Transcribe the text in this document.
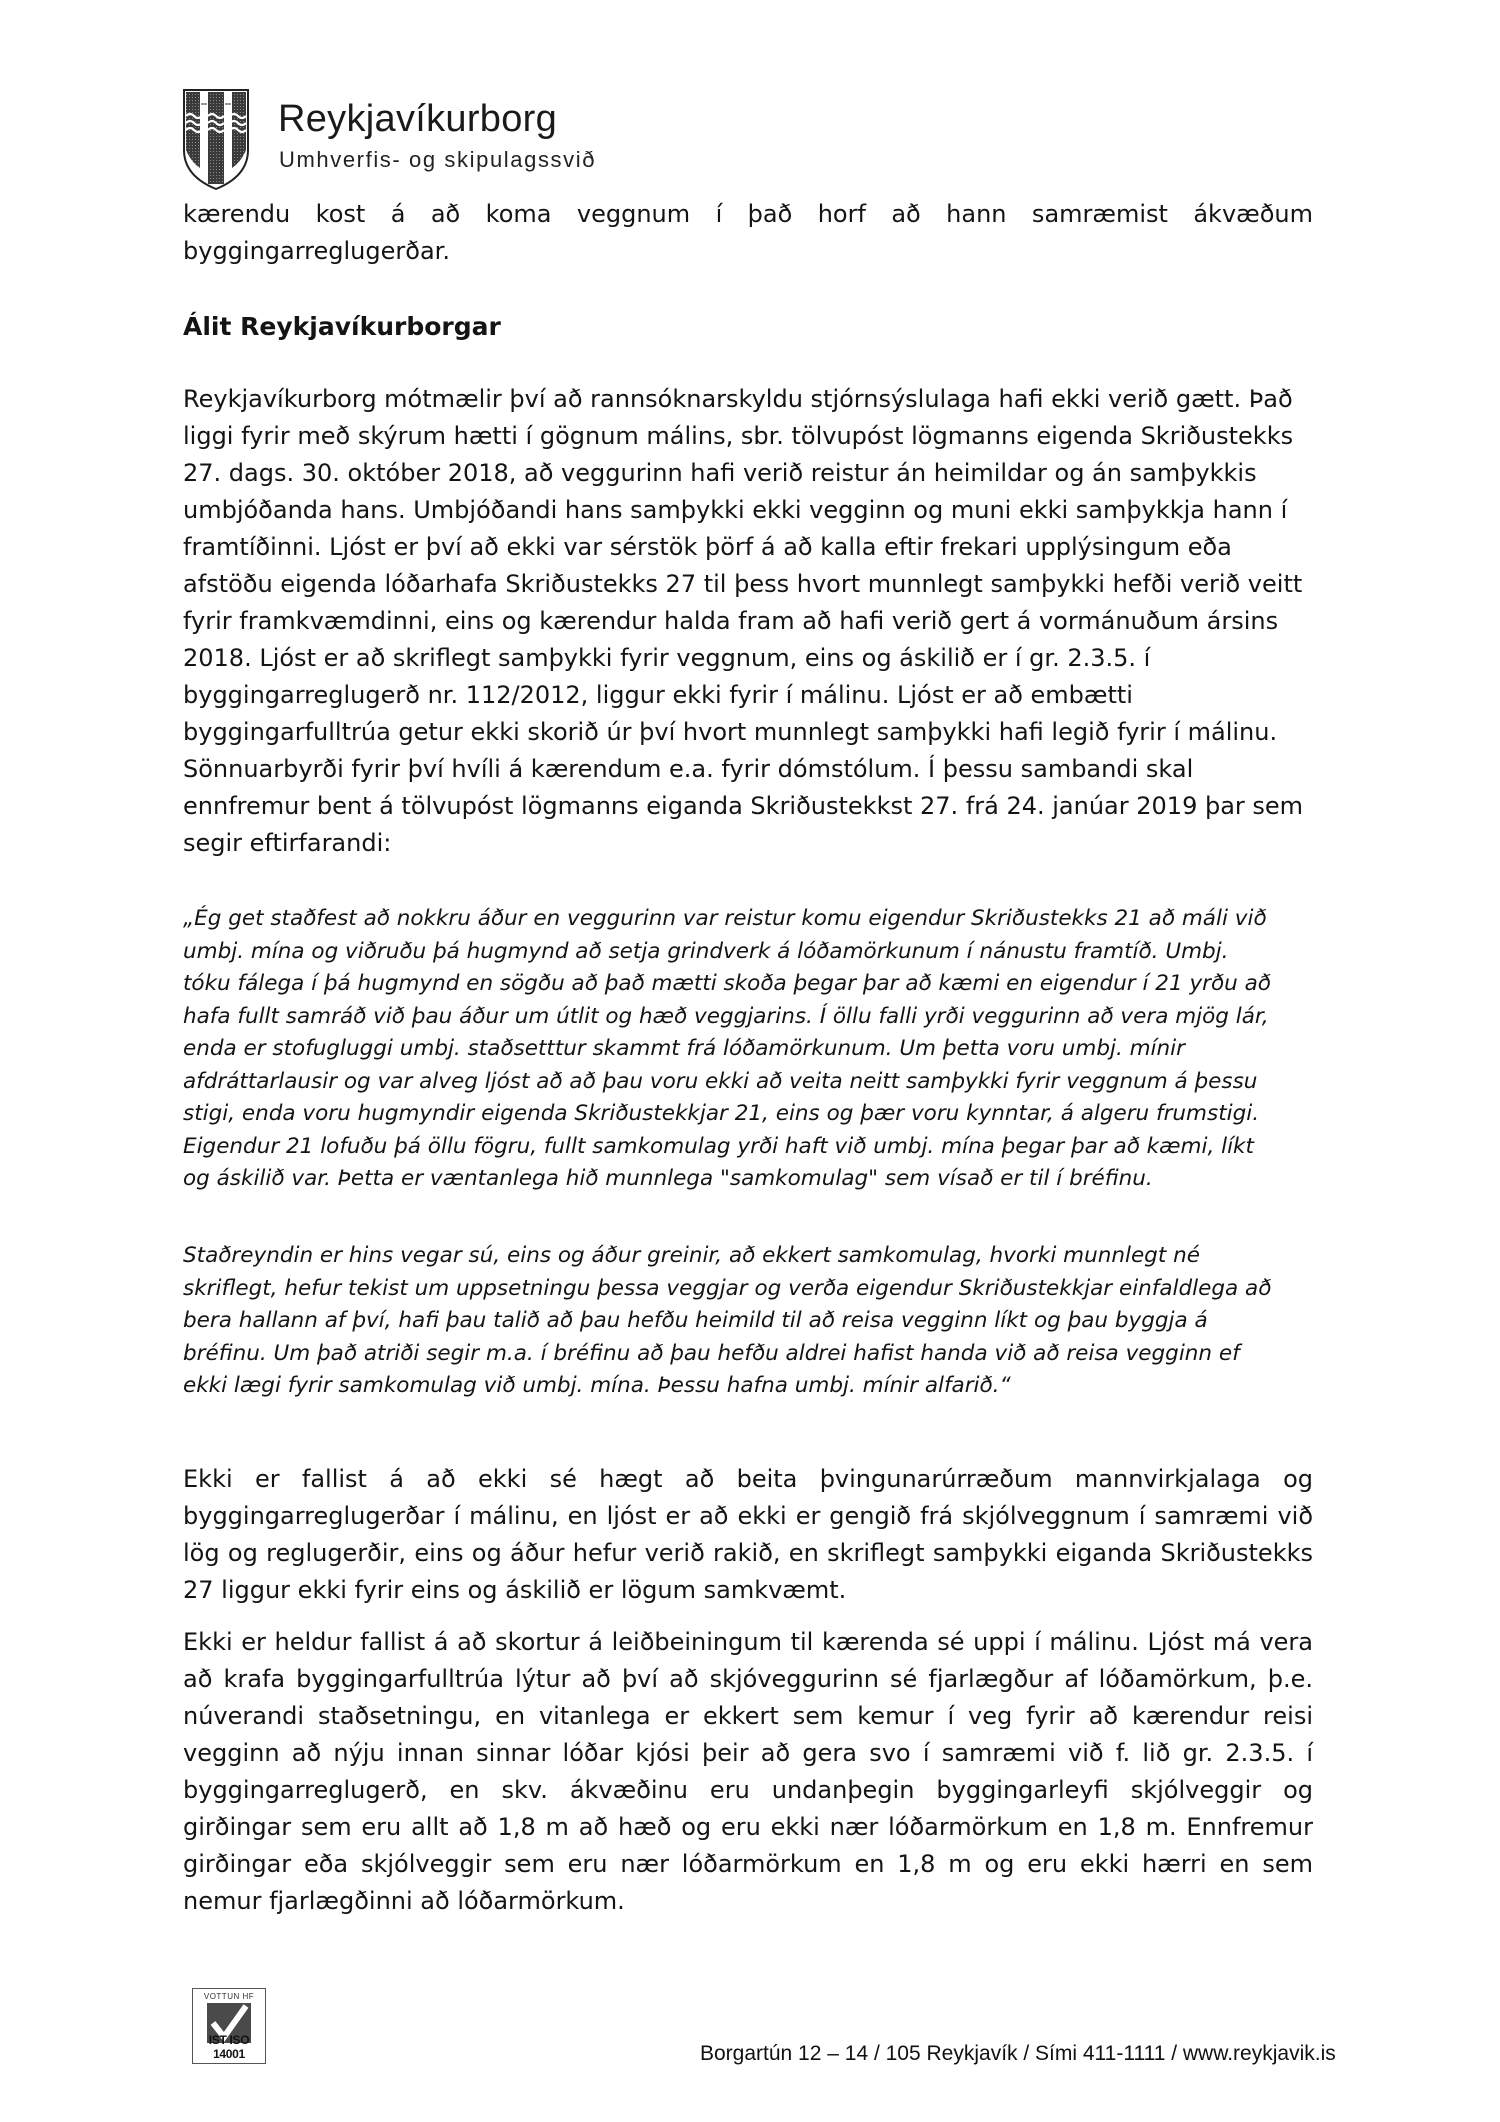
Reykjavíkurborg
Umhverfis- og skipulagssvið

kærendu kost á að koma veggnum í það horf að hann samræmist ákvæðum byggingarreglugerðar.

Álit Reykjavíkurborgar
Reykjavíkurborg mótmælir því að rannsóknarskyldu stjórnsýslulaga hafi ekki verið gætt. Það
liggi fyrir með skýrum hætti í gögnum málins, sbr. tölvupóst lögmanns eigenda Skriðustekks
27. dags. 30. október 2018, að veggurinn hafi verið reistur án heimildar og án samþykkis
umbjóðanda hans. Umbjóðandi hans samþykki ekki vegginn og muni ekki samþykkja hann í
framtíðinni. Ljóst er því að ekki var sérstök þörf á að kalla eftir frekari upplýsingum eða
afstöðu eigenda lóðarhafa Skriðustekks 27 til þess hvort munnlegt samþykki hefði verið veitt
fyrir framkvæmdinni, eins og kærendur halda fram að hafi verið gert á vormánuðum ársins
2018. Ljóst er að skriflegt samþykki fyrir veggnum, eins og áskilið er í gr. 2.3.5. í
byggingarreglugerð nr. 112/2012, liggur ekki fyrir í málinu. Ljóst er að embætti
byggingarfulltrúa getur ekki skorið úr því hvort munnlegt samþykki hafi legið fyrir í málinu.
Sönnuarbyrði fyrir því hvíli á kærendum e.a. fyrir dómstólum. Í þessu sambandi skal
ennfremur bent á tölvupóst lögmanns eiganda Skriðustekkst 27. frá 24. janúar 2019 þar sem
segir eftirfarandi:
„Ég get staðfest að nokkru áður en veggurinn var reistur komu eigendur Skriðustekks 21 að máli við
umbj. mína og viðruðu þá hugmynd að setja grindverk á lóðamörkunum í nánustu framtíð. Umbj.
tóku fálega í þá hugmynd en sögðu að það mætti skoða þegar þar að kæmi en eigendur í 21 yrðu að
hafa fullt samráð við þau áður um útlit og hæð veggjarins. Í öllu falli yrði veggurinn að vera mjög lár,
enda er stofugluggi umbj. staðsetttur skammt frá lóðamörkunum. Um þetta voru umbj. mínir
afdráttarlausir og var alveg ljóst að að þau voru ekki að veita neitt samþykki fyrir veggnum á þessu
stigi, enda voru hugmyndir eigenda Skriðustekkjar 21, eins og þær voru kynntar, á algeru frumstigi.
Eigendur 21 lofuðu þá öllu fögru, fullt samkomulag yrði haft við umbj. mína þegar þar að kæmi, líkt
og áskilið var. Þetta er væntanlega hið munnlega "samkomulag" sem vísað er til í bréfinu.
Staðreyndin er hins vegar sú, eins og áður greinir, að ekkert samkomulag, hvorki munnlegt né
skriflegt, hefur tekist um uppsetningu þessa veggjar og verða eigendur Skriðustekkjar einfaldlega að
bera hallann af því, hafi þau talið að þau hefðu heimild til að reisa vegginn líkt og þau byggja á
bréfinu. Um það atriði segir m.a. í bréfinu að þau hefðu aldrei hafist handa við að reisa vegginn ef
ekki lægi fyrir samkomulag við umbj. mína. Þessu hafna umbj. mínir alfarið.“

Ekki er fallist á að ekki sé hægt að beita þvingunarúrræðum mannvirkjalaga og byggingarreglugerðar í málinu, en ljóst er að ekki er gengið frá skjólveggnum í samræmi við lög og reglugerðir, eins og áður hefur verið rakið, en skriflegt samþykki eiganda Skriðustekks 27 liggur ekki fyrir eins og áskilið er lögum samkvæmt.

Ekki er heldur fallist á að skortur á leiðbeiningum til kærenda sé uppi í málinu. Ljóst má vera að krafa byggingarfulltrúa lýtur að því að skjóveggurinn sé fjarlægður af lóðamörkum, þ.e. núverandi staðsetningu, en vitanlega er ekkert sem kemur í veg fyrir að kærendur reisi vegginn að nýju innan sinnar lóðar kjósi þeir að gera svo í samræmi við f. lið gr. 2.3.5. í byggingarreglugerð, en skv. ákvæðinu eru undanþegin byggingarleyfi skjólveggir og girðingar sem eru allt að 1,8 m að hæð og eru ekki nær lóðarmörkum en 1,8 m. Ennfremur girðingar eða skjólveggir sem eru nær lóðarmörkum en 1,8 m og eru ekki hærri en sem nemur fjarlægðinni að lóðarmörkum.

VOTTUN HF
IST ISO 14001	Borgartún 12 – 14 / 105 Reykjavík / Sími 411-1111 / www.reykjavik.is
